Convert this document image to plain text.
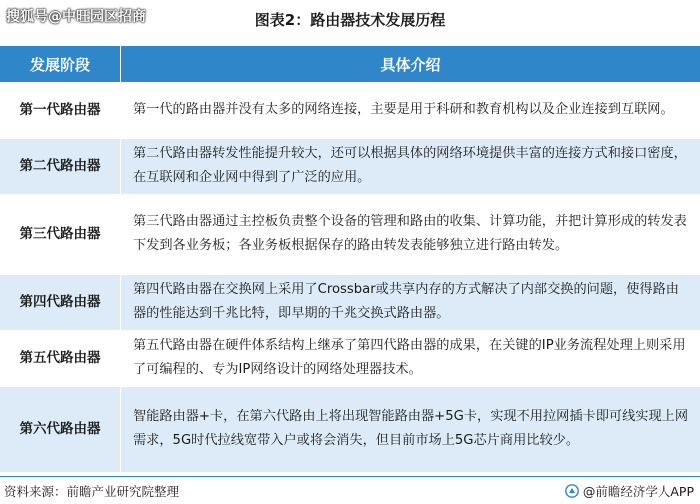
搜狐号@中旺园区招商	图表2：路由器技术发展历程
发展阶段	具体介绍
第一代路由器	第一代的路由器并没有太多的网络连接，主要是用于科研和教育机构以及企业连接到互联网。
第二代路由器	第二代路由器转发性能提升较大，还可以根据具体的网络环境提供丰富的连接方式和接口密度，在互联网和企业网中得到了广泛的应用。
第三代路由器	第三代路由器通过主控板负责整个设备的管理和路由的收集、计算功能，并把计算形成的转发表下发到各业务板；各业务板根据保存的路由转发表能够独立进行路由转发。
第四代路由器	第四代路由器在交换网上采用了Crossbar或共享内存的方式解决了内部交换的问题，使得路由器的性能达到千兆比特，即早期的千兆交换式路由器。
第五代路由器	第五代路由器在硬件体系结构上继承了第四代路由器的成果，在关键的IP业务流程处理上则采用了可编程的、专为IP网络设计的网络处理器技术。
第六代路由器	智能路由器+卡，在第六代路由上将出现智能路由器+5G卡，实现不用拉网插卡即可线实现上网需求，5G时代拉线宽带入户或将会消失，但目前市场上5G芯片商用比较少。
资料来源：前瞻产业研究院整理	@前瞻经济学人APP
